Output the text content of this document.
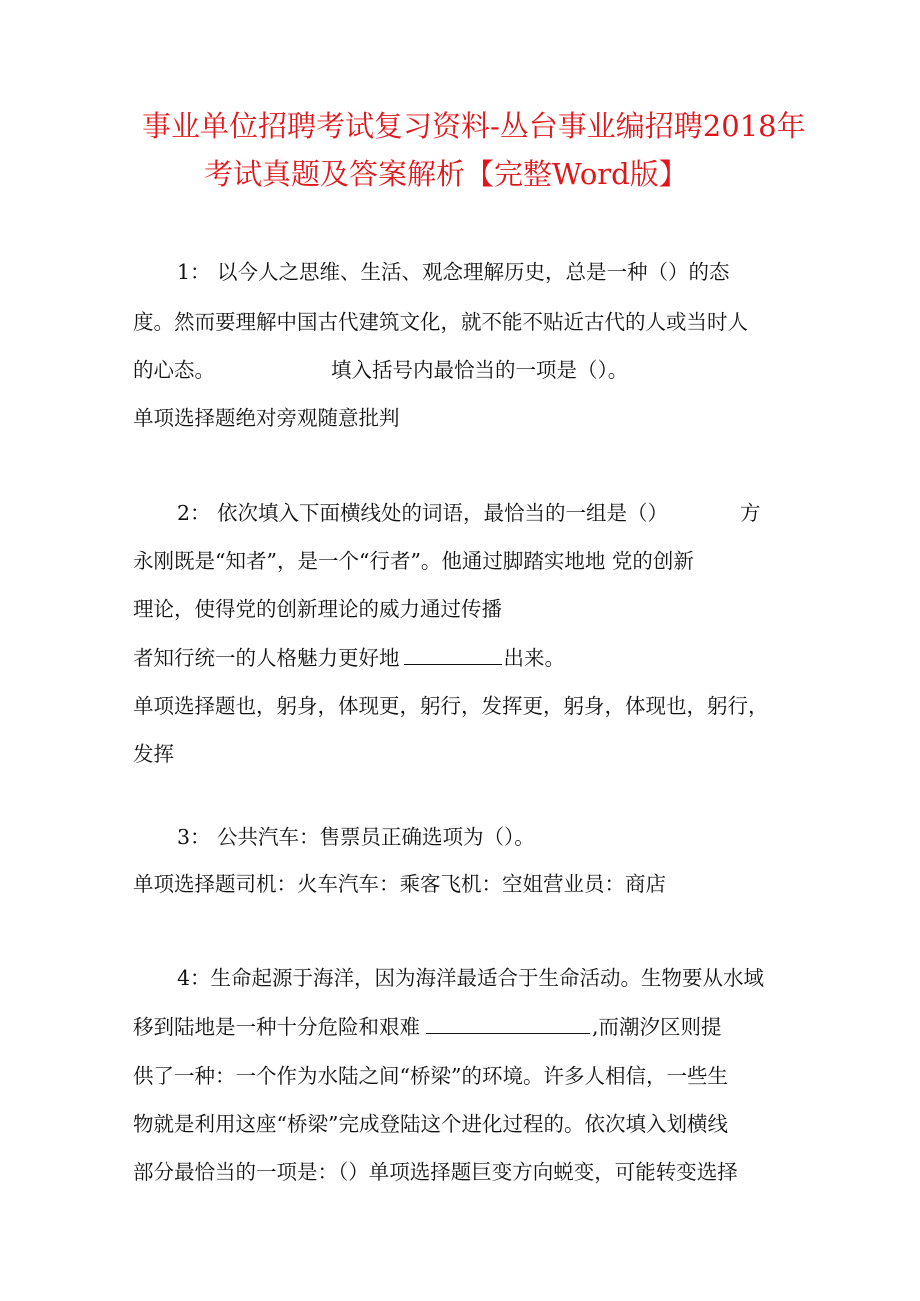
事业单位招聘考试复习资料-丛台事业编招聘2018年
考试真题及答案解析【完整Word版】
1： 以今人之思维、生活、观念理解历史，总是一种（）的态
度。然而要理解中国古代建筑文化，就不能不贴近古代的人或当时人
的心态。	填入括号内最恰当的一项是（）。
单项选择题绝对旁观随意批判
2： 依次填入下面横线处的词语，最恰当的一组是（）	方
永刚既是“知者”，是一个“行者”。他通过脚踏实地地 党的创新
理论，使得党的创新理论的威力通过传播
者知行统一的人格魅力更好地	出来。
单项选择题也，躬身，体现更，躬行，发挥更，躬身，体现也，躬行，
发挥
3： 公共汽车：售票员正确选项为（）。
单项选择题司机：火车汽车：乘客飞机：空姐营业员：商店
4：生命起源于海洋，因为海洋最适合于生命活动。生物要从水域
移到陆地是一种十分危险和艰难	,而潮汐区则提
供了一种：一个作为水陆之间“桥梁”的环境。许多人相信，一些生
物就是利用这座“桥梁”完成登陆这个进化过程的。依次填入划横线
部分最恰当的一项是：（）单项选择题巨变方向蜕变，可能转变选择
